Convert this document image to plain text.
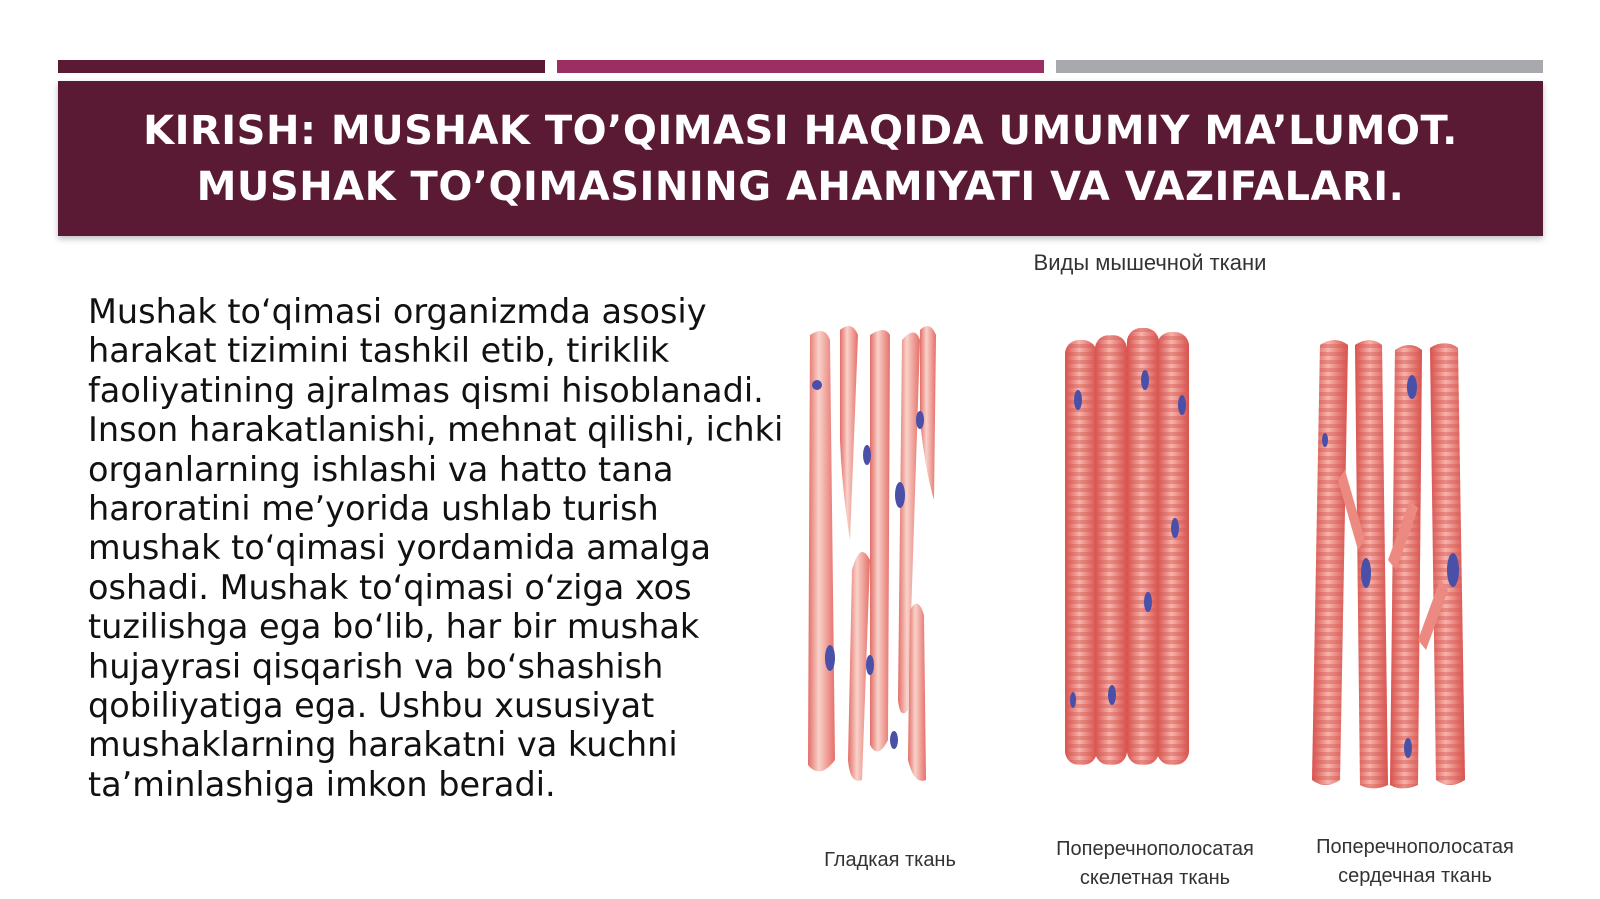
KIRISH: MUSHAK TO’QIMASI HAQIDA UMUMIY MA’LUMOT. MUSHAK TO’QIMASINING AHAMIYATI VA VAZIFALARI.

Mushak to‘qimasi organizmda asosiy harakat tizimini tashkil etib, tiriklik faoliyatining ajralmas qismi hisoblanadi. Inson harakatlanishi, mehnat qilishi, ichki organlarning ishlashi va hatto tana haroratini me’yorida ushlab turish mushak to‘qimasi yordamida amalga oshadi. Mushak to‘qimasi o‘ziga xos tuzilishga ega bo‘lib, har bir mushak hujayrasi qisqarish va bo‘shashish qobiliyatiga ega. Ushbu xususiyat mushaklarning harakatni va kuchni ta’minlashiga imkon beradi.

Виды мышечной ткани
Гладкая ткань	Поперечнополосатая скелетная ткань
Поперечнополосатая сердечная ткань
